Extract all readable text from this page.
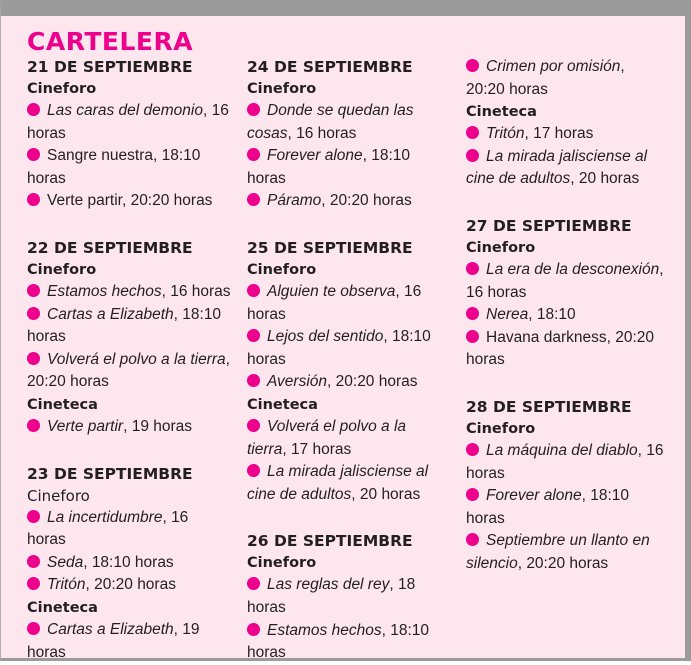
CARTELERA
21 DE SEPTIEMBRE
Cineforo
Las caras del demonio, 16 horas
Sangre nuestra, 18:10 horas
Verte partir, 20:20 horas
22 DE SEPTIEMBRE
Cineforo
Estamos hechos, 16 horas
Cartas a Elizabeth, 18:10 horas
Volverá el polvo a la tierra, 20:20 horas
Cineteca
Verte partir, 19 horas
23 DE SEPTIEMBRE
Cineforo
La incertidumbre, 16 horas
Seda, 18:10 horas
Tritón, 20:20 horas
Cineteca
Cartas a Elizabeth, 19 horas
24 DE SEPTIEMBRE
Cineforo
Donde se quedan las cosas, 16 horas
Forever alone, 18:10 horas
Páramo, 20:20 horas
25 DE SEPTIEMBRE
Cineforo
Alguien te observa, 16 horas
Lejos del sentido, 18:10 horas
Aversión, 20:20 horas
Cineteca
Volverá el polvo a la tierra, 17 horas
La mirada jalisciense al cine de adultos, 20 horas
26 DE SEPTIEMBRE
Cineforo
Las reglas del rey, 18 horas
Estamos hechos, 18:10 horas
Crimen por omisión, 20:20 horas
Cineteca
Tritón, 17 horas
La mirada jalisciense al cine de adultos, 20 horas
27 DE SEPTIEMBRE
Cineforo
La era de la desconexión, 16 horas
Nerea, 18:10
Havana darkness, 20:20 horas
28 DE SEPTIEMBRE
Cineforo
La máquina del diablo, 16 horas
Forever alone, 18:10 horas
Septiembre un llanto en silencio, 20:20 horas
